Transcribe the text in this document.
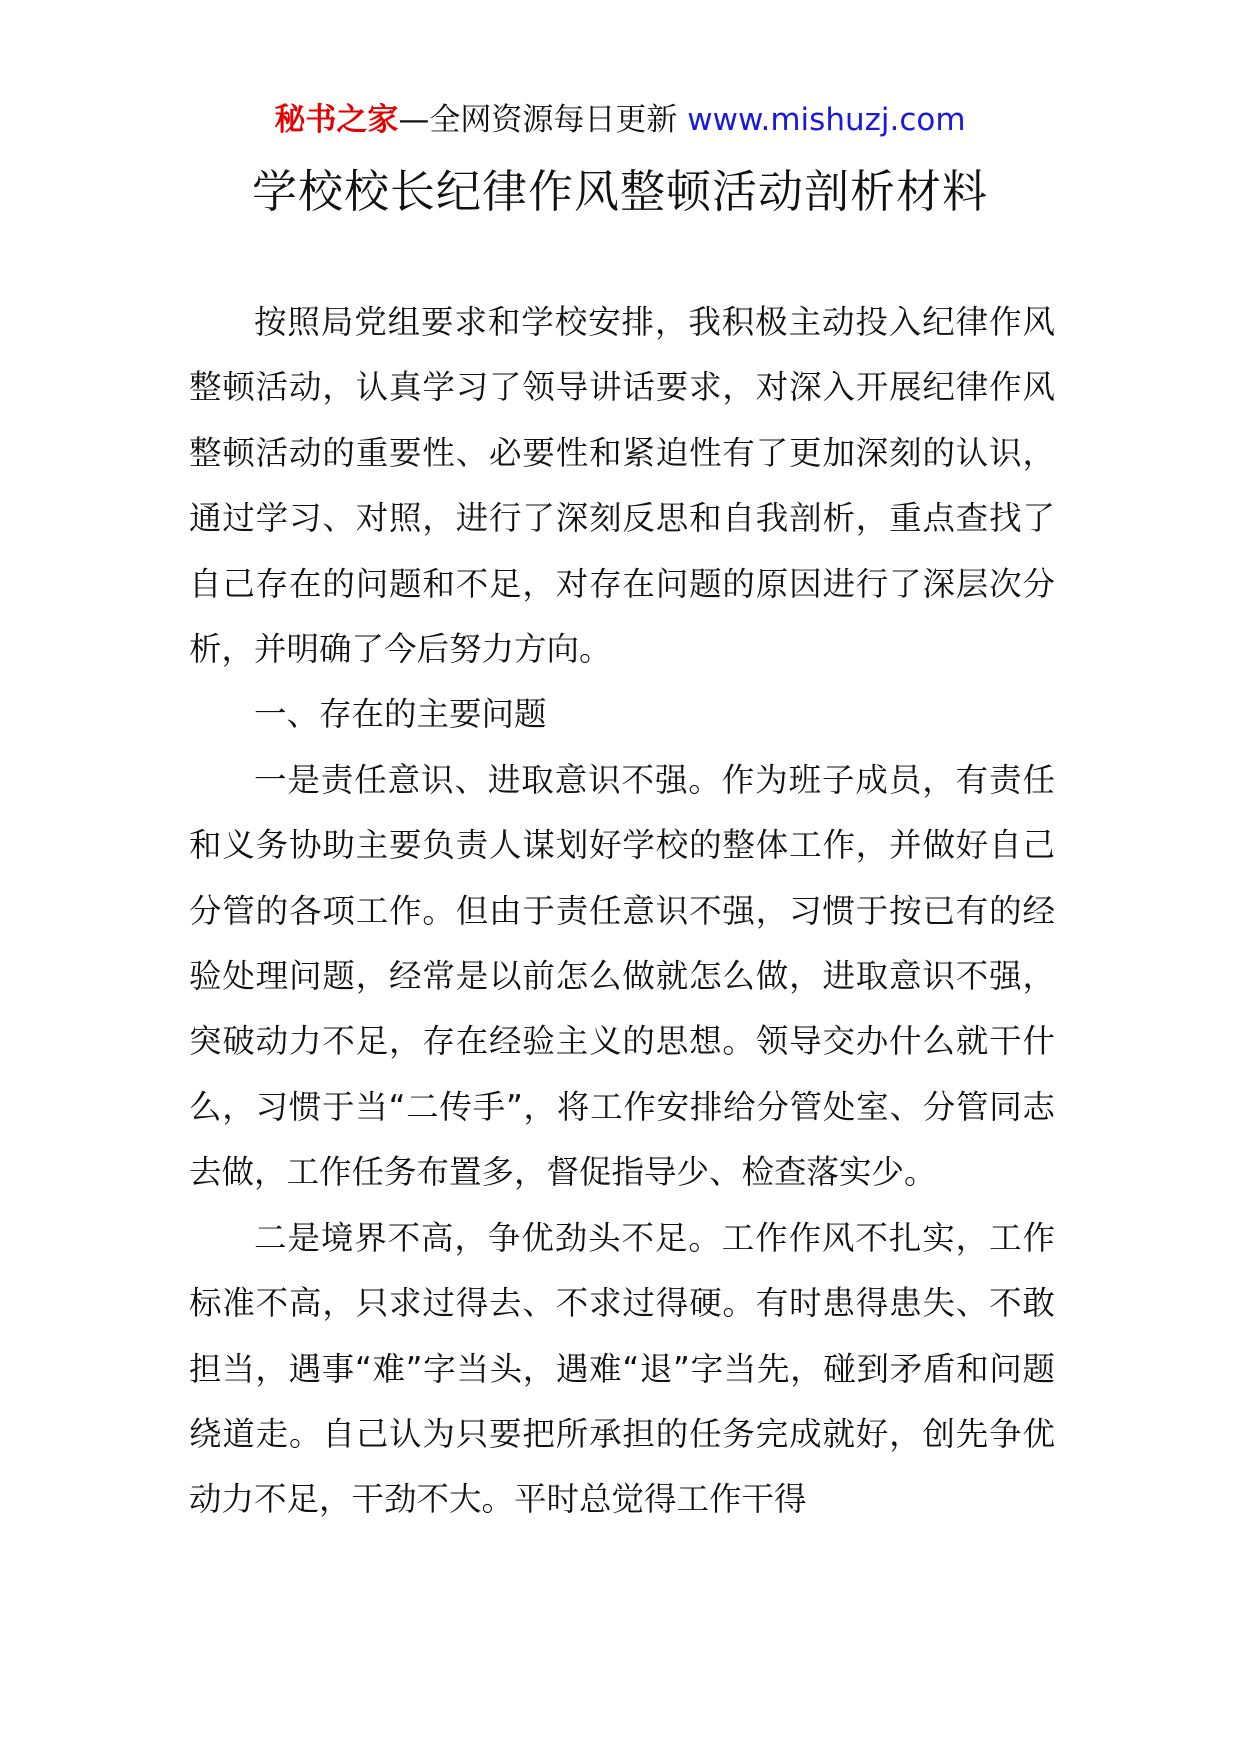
秘书之家—全网资源每日更新 www.mishuzj.com
学校校长纪律作风整顿活动剖析材料

按照局党组要求和学校安排，我积极主动投入纪律作风整顿活动，认真学习了领导讲话要求，对深入开展纪律作风整顿活动的重要性、必要性和紧迫性有了更加深刻的认识，通过学习、对照，进行了深刻反思和自我剖析，重点查找了自己存在的问题和不足，对存在问题的原因进行了深层次分析，并明确了今后努力方向。

一、存在的主要问题

一是责任意识、进取意识不强。作为班子成员，有责任和义务协助主要负责人谋划好学校的整体工作，并做好自己分管的各项工作。但由于责任意识不强，习惯于按已有的经验处理问题，经常是以前怎么做就怎么做，进取意识不强，突破动力不足，存在经验主义的思想。领导交办什么就干什么，习惯于当“二传手”，将工作安排给分管处室、分管同志去做，工作任务布置多，督促指导少、检查落实少。

二是境界不高，争优劲头不足。工作作风不扎实，工作标准不高，只求过得去、不求过得硬。有时患得患失、不敢担当，遇事“难”字当头，遇难“退”字当先，碰到矛盾和问题绕道走。自己认为只要把所承担的任务完成就好，创先争优动力不足，干劲不大。平时总觉得工作干得
